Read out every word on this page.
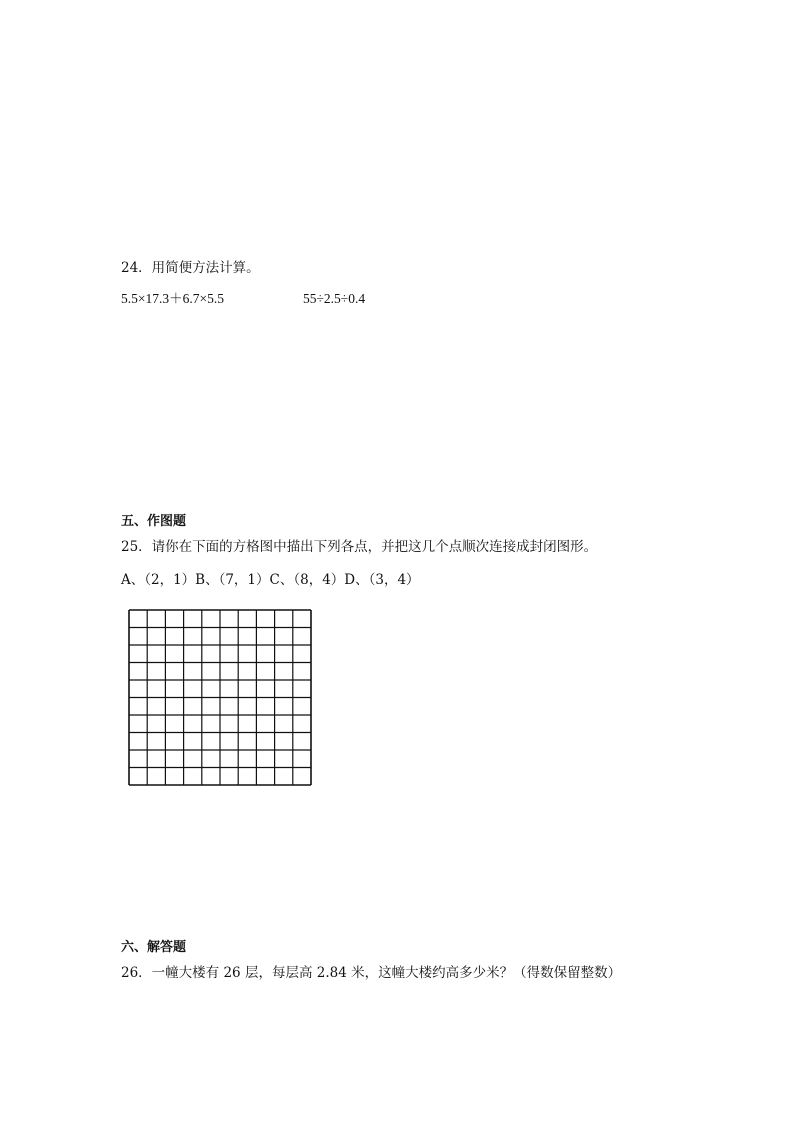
24．用简便方法计算。
5.5×17.3＋6.7×5.5	55÷2.5÷0.4
五、作图题
25．请你在下面的方格图中描出下列各点，并把这几个点顺次连接成封闭图形。
A、（2，1）B、（7，1）C、（8，4）D、（3，4）
六、解答题
26．一幢大楼有 26 层，每层高 2.84 米，这幢大楼约高多少米？（得数保留整数）
